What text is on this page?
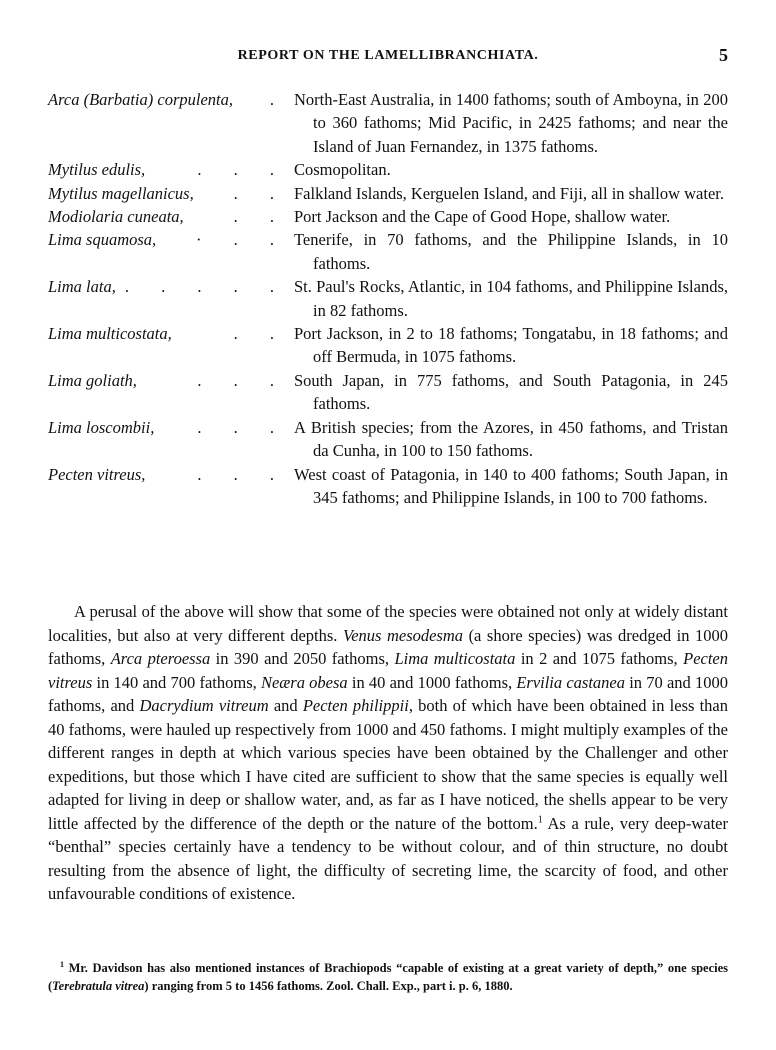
REPORT ON THE LAMELLIBRANCHIATA.	5
Arca (Barbatia) corpulenta,	. North-East Australia, in 1400 fathoms; south of Amboyna, in 200 to 360 fathoms; Mid Pacific, in 2425 fathoms; and near the Island of Juan Fernandez, in 1375 fathoms.
Mytilus edulis,	. . . Cosmopolitan.
Mytilus magellanicus,	. . Falkland Islands, Kerguelen Island, and Fiji, all in shallow water.
Modiolaria cuneata,	. . Port Jackson and the Cape of Good Hope, shallow water.
Lima squamosa,	· . . Tenerife, in 70 fathoms, and the Philippine Islands, in 10 fathoms.
Lima lata, . . . . . St. Paul's Rocks, Atlantic, in 104 fathoms, and Philippine Islands, in 82 fathoms.
Lima multicostata,	. . Port Jackson, in 2 to 18 fathoms; Tongatabu, in 18 fathoms; and off Bermuda, in 1075 fathoms.
Lima goliath,	. . . South Japan, in 775 fathoms, and South Patagonia, in 245 fathoms.
Lima loscombii,	. . . A British species; from the Azores, in 450 fathoms, and Tristan da Cunha, in 100 to 150 fathoms.
Pecten vitreus,	. . . West coast of Patagonia, in 140 to 400 fathoms; South Japan, in 345 fathoms; and Philippine Islands, in 100 to 700 fathoms.

A perusal of the above will show that some of the species were obtained not only at widely distant localities, but also at very different depths. Venus mesodesma (a shore species) was dredged in 1000 fathoms, Arca pteroessa in 390 and 2050 fathoms, Lima multicostata in 2 and 1075 fathoms, Pecten vitreus in 140 and 700 fathoms, Neæra obesa in 40 and 1000 fathoms, Ervilia castanea in 70 and 1000 fathoms, and Dacrydium vitreum and Pecten philippii, both of which have been obtained in less than 40 fathoms, were hauled up respectively from 1000 and 450 fathoms. I might multiply examples of the different ranges in depth at which various species have been obtained by the Challenger and other expeditions, but those which I have cited are sufficient to show that the same species is equally well adapted for living in deep or shallow water, and, as far as I have noticed, the shells appear to be very little affected by the difference of the depth or the nature of the bottom.$^1$ As a rule, very deep-water “benthal” species certainly have a tendency to be without colour, and of thin structure, no doubt resulting from the absence of light, the difficulty of secreting lime, the scarcity of food, and other unfavourable conditions of existence.

$^1$ Mr. Davidson has also mentioned instances of Brachiopods “capable of existing at a great variety of depth,” one species (Terebratula vitrea) ranging from 5 to 1456 fathoms. Zool. Chall. Exp., part i. p. 6, 1880.
